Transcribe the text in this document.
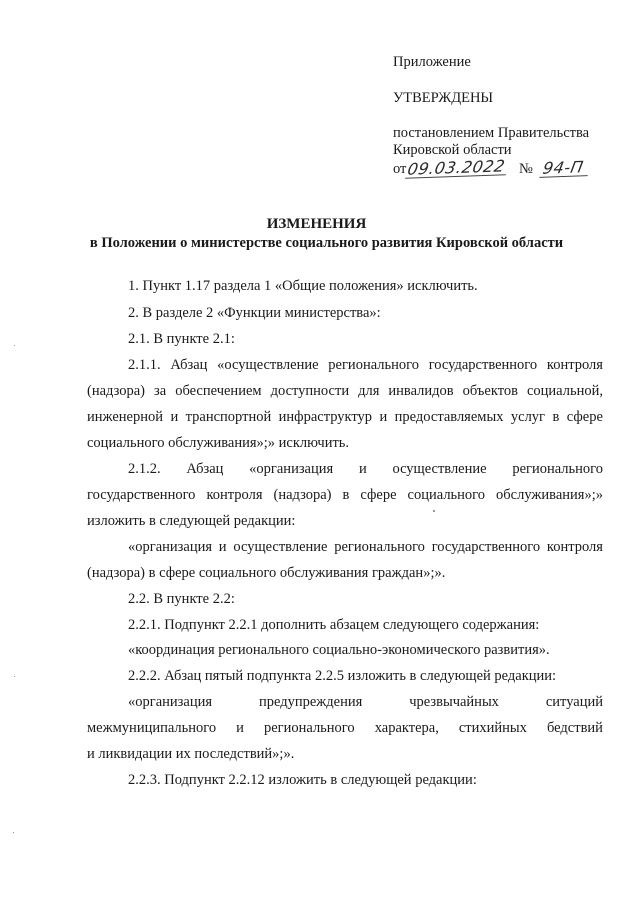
Приложение
УТВЕРЖДЕНЫ
постановлением Правительства
Кировской области
от09.03.2022 № 94-П
ИЗМЕНЕНИЯ
в Положении о министерстве социального развития Кировской области
1. Пункт 1.17 раздела 1 «Общие положения» исключить.
2. В разделе 2 «Функции министерства»:
2.1. В пункте 2.1:
2.1.1. Абзац «осуществление регионального государственного контроля
(надзора) за обеспечением доступности для инвалидов объектов социальной,
инженерной и транспортной инфраструктур и предоставляемых услуг в сфере
социального обслуживания»;» исключить.
2.1.2. Абзац «организация и осуществление регионального
государственного контроля (надзора) в сфере социального обслуживания»;»
изложить в следующей редакции:
«организация и осуществление регионального государственного контроля
(надзора) в сфере социального обслуживания граждан»;».
2.2. В пункте 2.2:
2.2.1. Подпункт 2.2.1 дополнить абзацем следующего содержания:
«координация регионального социально-экономического развития».
2.2.2. Абзац пятый подпункта 2.2.5 изложить в следующей редакции:
«организация	предупреждения	чрезвычайных	ситуаций
межмуниципального и регионального характера, стихийных бедствий
и ликвидации их последствий»;».
2.2.3. Подпункт 2.2.12 изложить в следующей редакции:
